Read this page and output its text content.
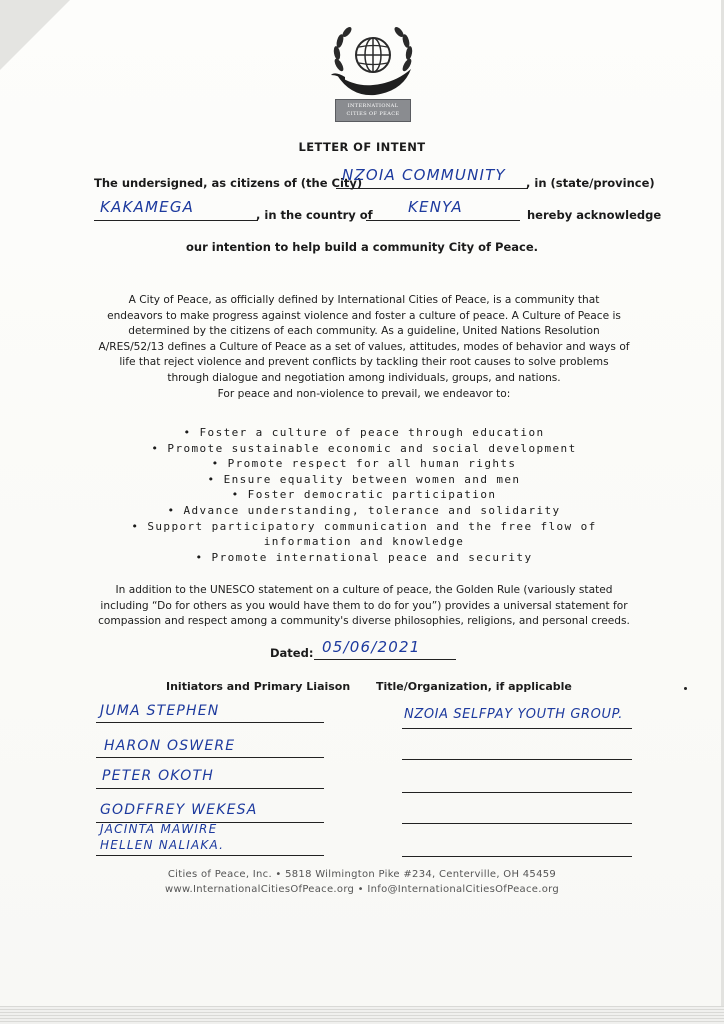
INTERNATIONAL
CITIES OF PEACE
LETTER OF INTENT
The undersigned, as citizens of (the City)
NZOIA COMMUNITY , in (state/province)
KAKAMEGA	, in the country of KENYA	hereby acknowledge
our intention to help build a community City of Peace.
A City of Peace, as officially defined by International Cities of Peace, is a community that
endeavors to make progress against violence and foster a culture of peace. A Culture of Peace is
determined by the citizens of each community. As a guideline, United Nations Resolution
A/RES/52/13 defines a Culture of Peace as a set of values, attitudes, modes of behavior and ways of
life that reject violence and prevent conflicts by tackling their root causes to solve problems
through dialogue and negotiation among individuals, groups, and nations.
For peace and non-violence to prevail, we endeavor to:
• Foster a culture of peace through education
• Promote sustainable economic and social development
• Promote respect for all human rights
• Ensure equality between women and men
• Foster democratic participation
• Advance understanding, tolerance and solidarity
• Support participatory communication and the free flow of
information and knowledge
• Promote international peace and security
In addition to the UNESCO statement on a culture of peace, the Golden Rule (variously stated
including “Do for others as you would have them to do for you”) provides a universal statement for
compassion and respect among a community's diverse philosophies, religions, and personal creeds.
Dated: 05/06/2021
Initiators and Primary Liaison Title/Organization, if applicable
JUMA STEPHEN	NZOIA SELFPAY YOUTH GROUP.
HARON OSWERE
PETER OKOTH
GODFFREY WEKESA
JACINTA MAWIRE
HELLEN NALIAKA.
Cities of Peace, Inc. • 5818 Wilmington Pike #234, Centerville, OH 45459
www.InternationalCitiesOfPeace.org • Info@InternationalCitiesOfPeace.org
